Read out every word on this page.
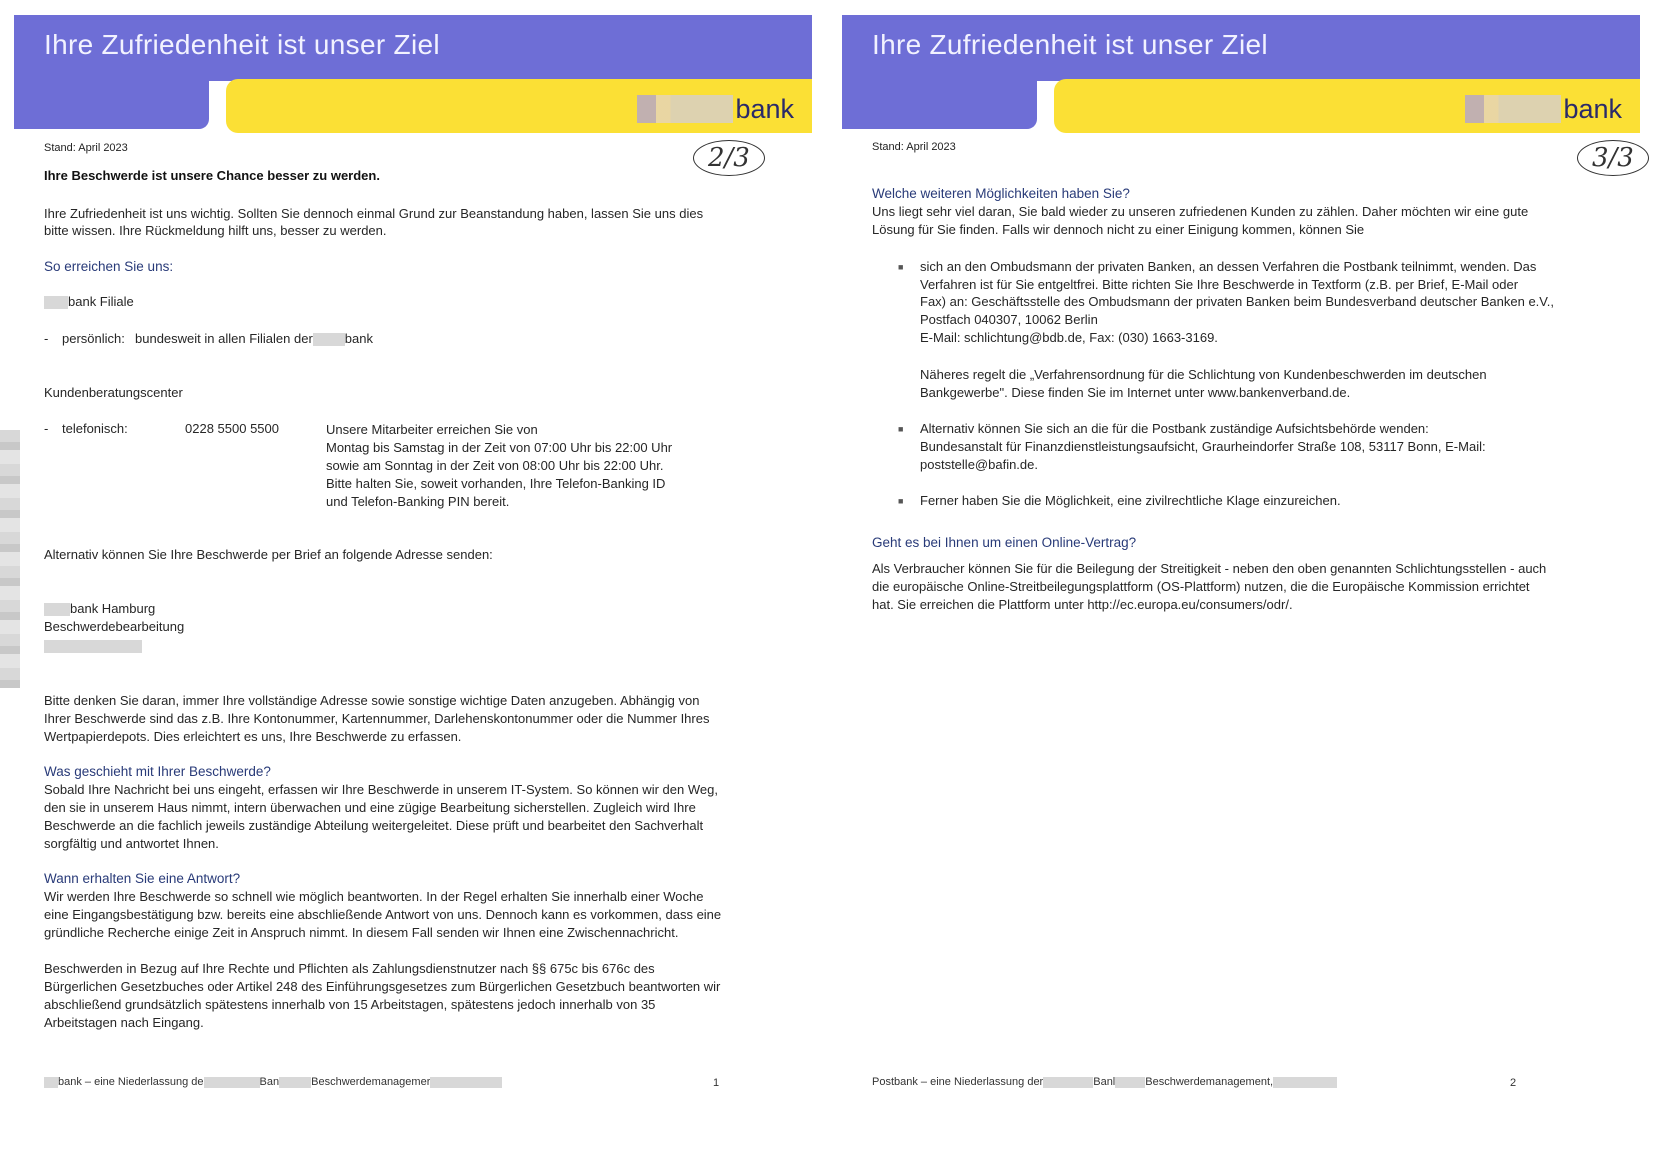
Ihre Zufriedenheit ist unser Ziel
bank
Stand: April 2023	2/3
Ihre Beschwerde ist unsere Chance besser zu werden.
Ihre Zufriedenheit ist uns wichtig. Sollten Sie dennoch einmal Grund zur Beanstandung haben, lassen Sie uns dies
bitte wissen. Ihre Rückmeldung hilft uns, besser zu werden.
So erreichen Sie uns:
bank Filiale
- persönlich: bundesweit in allen Filialen der bank
Kundenberatungscenter
- telefonisch:	0228 5500 5500	Unsere Mitarbeiter erreichen Sie von
Montag bis Samstag in der Zeit von 07:00 Uhr bis 22:00 Uhr
sowie am Sonntag in der Zeit von 08:00 Uhr bis 22:00 Uhr.
Bitte halten Sie, soweit vorhanden, Ihre Telefon-Banking ID
und Telefon-Banking PIN bereit.
Alternativ können Sie Ihre Beschwerde per Brief an folgende Adresse senden:
bank Hamburg
Beschwerdebearbeitung
Bitte denken Sie daran, immer Ihre vollständige Adresse sowie sonstige wichtige Daten anzugeben. Abhängig von
Ihrer Beschwerde sind das z.B. Ihre Kontonummer, Kartennummer, Darlehenskontonummer oder die Nummer Ihres
Wertpapierdepots. Dies erleichtert es uns, Ihre Beschwerde zu erfassen.
Was geschieht mit Ihrer Beschwerde?
Sobald Ihre Nachricht bei uns eingeht, erfassen wir Ihre Beschwerde in unserem IT-System. So können wir den Weg,
den sie in unserem Haus nimmt, intern überwachen und eine zügige Bearbeitung sicherstellen. Zugleich wird Ihre
Beschwerde an die fachlich jeweils zuständige Abteilung weitergeleitet. Diese prüft und bearbeitet den Sachverhalt
sorgfältig und antwortet Ihnen.
Wann erhalten Sie eine Antwort?
Wir werden Ihre Beschwerde so schnell wie möglich beantworten. In der Regel erhalten Sie innerhalb einer Woche
eine Eingangsbestätigung bzw. bereits eine abschließende Antwort von uns. Dennoch kann es vorkommen, dass eine
gründliche Recherche einige Zeit in Anspruch nimmt. In diesem Fall senden wir Ihnen eine Zwischennachricht.
Beschwerden in Bezug auf Ihre Rechte und Pflichten als Zahlungsdienstnutzer nach §§ 675c bis 676c des
Bürgerlichen Gesetzbuches oder Artikel 248 des Einführungsgesetzes zum Bürgerlichen Gesetzbuch beantworten wir
abschließend grundsätzlich spätestens innerhalb von 15 Arbeitstagen, spätestens jedoch innerhalb von 35
Arbeitstagen nach Eingang.
bank – eine Niederlassung de	Ban	Beschwerdemanagemer	1
Ihre Zufriedenheit ist unser Ziel
bank
Stand: April 2023	3/3
Welche weiteren Möglichkeiten haben Sie?
Uns liegt sehr viel daran, Sie bald wieder zu unseren zufriedenen Kunden zu zählen. Daher möchten wir eine gute
Lösung für Sie finden. Falls wir dennoch nicht zu einer Einigung kommen, können Sie
■ sich an den Ombudsmann der privaten Banken, an dessen Verfahren die Postbank teilnimmt, wenden. Das
Verfahren ist für Sie entgeltfrei. Bitte richten Sie Ihre Beschwerde in Textform (z.B. per Brief, E-Mail oder
Fax) an: Geschäftsstelle des Ombudsmann der privaten Banken beim Bundesverband deutscher Banken e.V.,
Postfach 040307, 10062 Berlin
E-Mail: schlichtung@bdb.de, Fax: (030) 1663-3169.
Näheres regelt die „Verfahrensordnung für die Schlichtung von Kundenbeschwerden im deutschen
Bankgewerbe". Diese finden Sie im Internet unter www.bankenverband.de.
■ Alternativ können Sie sich an die für die Postbank zuständige Aufsichtsbehörde wenden:
Bundesanstalt für Finanzdienstleistungsaufsicht, Graurheindorfer Straße 108, 53117 Bonn, E-Mail:
poststelle@bafin.de.
■ Ferner haben Sie die Möglichkeit, eine zivilrechtliche Klage einzureichen.
Geht es bei Ihnen um einen Online-Vertrag?
Als Verbraucher können Sie für die Beilegung der Streitigkeit - neben den oben genannten Schlichtungsstellen - auch
die europäische Online-Streitbeilegungsplattform (OS-Plattform) nutzen, die die Europäische Kommission errichtet
hat. Sie erreichen die Plattform unter http://ec.europa.eu/consumers/odr/.
Postbank – eine Niederlassung der	Banl	Beschwerdemanagement,	2
